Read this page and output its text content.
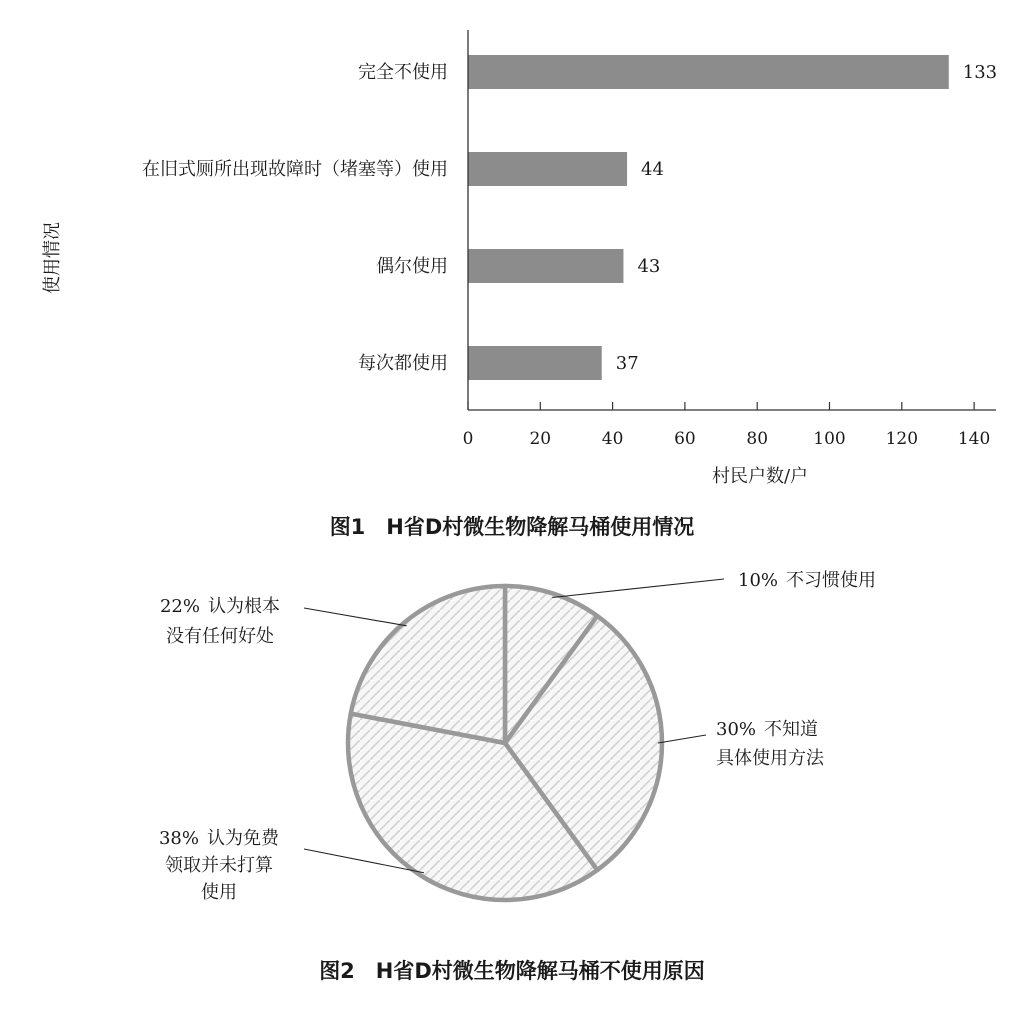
使用情况
完全不使用
在旧式厕所出现故障时（堵塞等）使用
偶尔使用
每次都使用
133
44
43
37
0	20	40	60	80	100 120 140
村民户数/户
图1　H省D村微生物降解马桶使用情况
10% 不习惯使用
30% 不知道具体使用方法
38% 认为免费领取并未打算使用
22% 认为根本没有任何好处
图2　H省D村微生物降解马桶不使用原因
